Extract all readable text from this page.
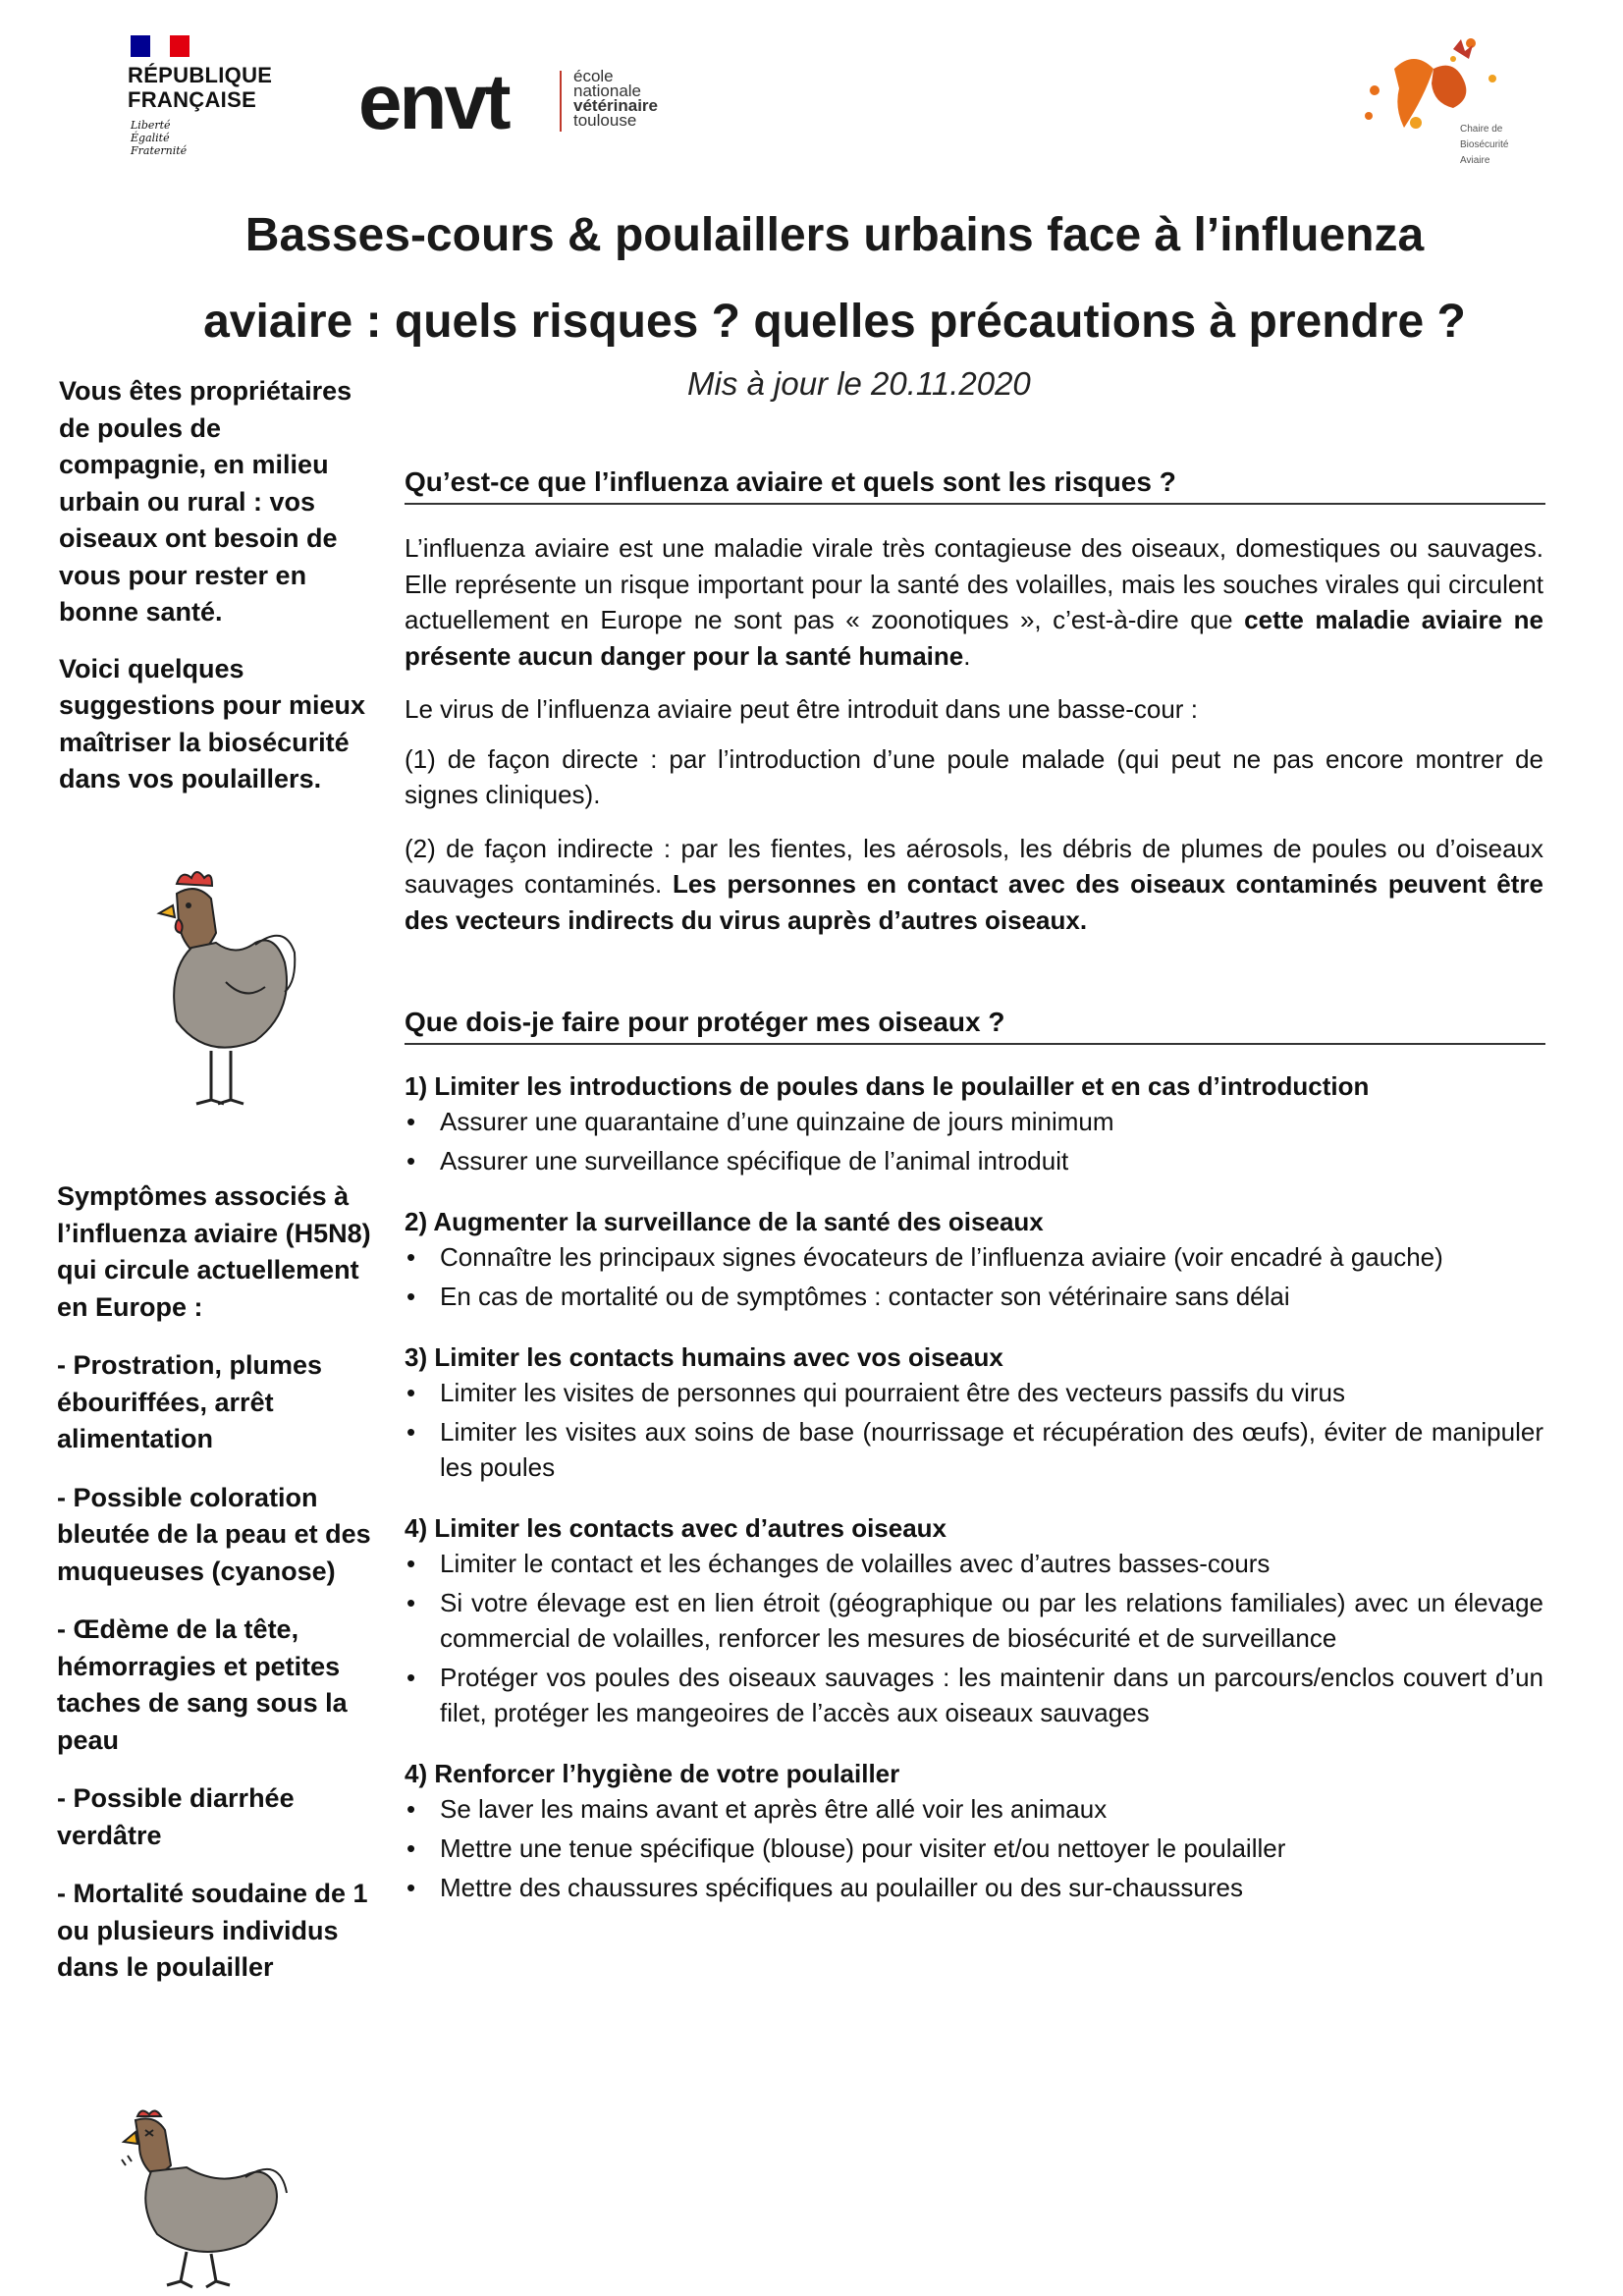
RÉPUBLIQUE
FRANÇAISE
Liberté
Égalité
Fraternité
envt	école
nationale
vétérinaire
toulouse	Chaire de
Biosécurité
Aviaire
Basses-cours & poulaillers urbains face à l’influenza
aviaire : quels risques ? quelles précautions à prendre ?
Mis à jour le 20.11.2020

Vous êtes propriétaires de poules de compagnie, en milieu urbain ou rural : vos oiseaux ont besoin de vous pour rester en bonne santé.

Voici quelques suggestions pour mieux maîtriser la biosécurité dans vos poulaillers.

Symptômes associés à l’influenza aviaire (H5N8) qui circule actuellement en Europe :

- Prostration, plumes ébouriffées, arrêt alimentation

- Possible coloration bleutée de la peau et des muqueuses (cyanose)

- Œdème de la tête, hémorragies et petites taches de sang sous la peau

- Possible diarrhée verdâtre

- Mortalité soudaine de 1 ou plusieurs individus dans le poulailler

Qu’est-ce que l’influenza aviaire et quels sont les risques ?

L’influenza aviaire est une maladie virale très contagieuse des oiseaux, domestiques ou sauvages. Elle représente un risque important pour la santé des volailles, mais les souches virales qui circulent actuellement en Europe ne sont pas « zoonotiques », c’est-à-dire que cette maladie aviaire ne présente aucun danger pour la santé humaine.

Le virus de l’influenza aviaire peut être introduit dans une basse-cour :

(1) de façon directe : par l’introduction d’une poule malade (qui peut ne pas encore montrer de signes cliniques).

(2) de façon indirecte : par les fientes, les aérosols, les débris de plumes de poules ou d’oiseaux sauvages contaminés. Les personnes en contact avec des oiseaux contaminés peuvent être des vecteurs indirects du virus auprès d’autres oiseaux.

Que dois-je faire pour protéger mes oiseaux ?

1) Limiter les introductions de poules dans le poulailler et en cas d’introduction

• Assurer une quarantaine d’une quinzaine de jours minimum
• Assurer une surveillance spécifique de l’animal introduit

2) Augmenter la surveillance de la santé des oiseaux

• Connaître les principaux signes évocateurs de l’influenza aviaire (voir encadré à gauche)
• En cas de mortalité ou de symptômes : contacter son vétérinaire sans délai

3) Limiter les contacts humains avec vos oiseaux

• Limiter les visites de personnes qui pourraient être des vecteurs passifs du virus
• Limiter les visites aux soins de base (nourrissage et récupération des œufs), éviter de manipuler les poules

4) Limiter les contacts avec d’autres oiseaux

• Limiter le contact et les échanges de volailles avec d’autres basses-cours
• Si votre élevage est en lien étroit (géographique ou par les relations familiales) avec un élevage commercial de volailles, renforcer les mesures de biosécurité et de surveillance
• Protéger vos poules des oiseaux sauvages : les maintenir dans un parcours/enclos couvert d’un filet, protéger les mangeoires de l’accès aux oiseaux sauvages

4) Renforcer l’hygiène de votre poulailler

• Se laver les mains avant et après être allé voir les animaux
• Mettre une tenue spécifique (blouse) pour visiter et/ou nettoyer le poulailler
• Mettre des chaussures spécifiques au poulailler ou des sur-chaussures
